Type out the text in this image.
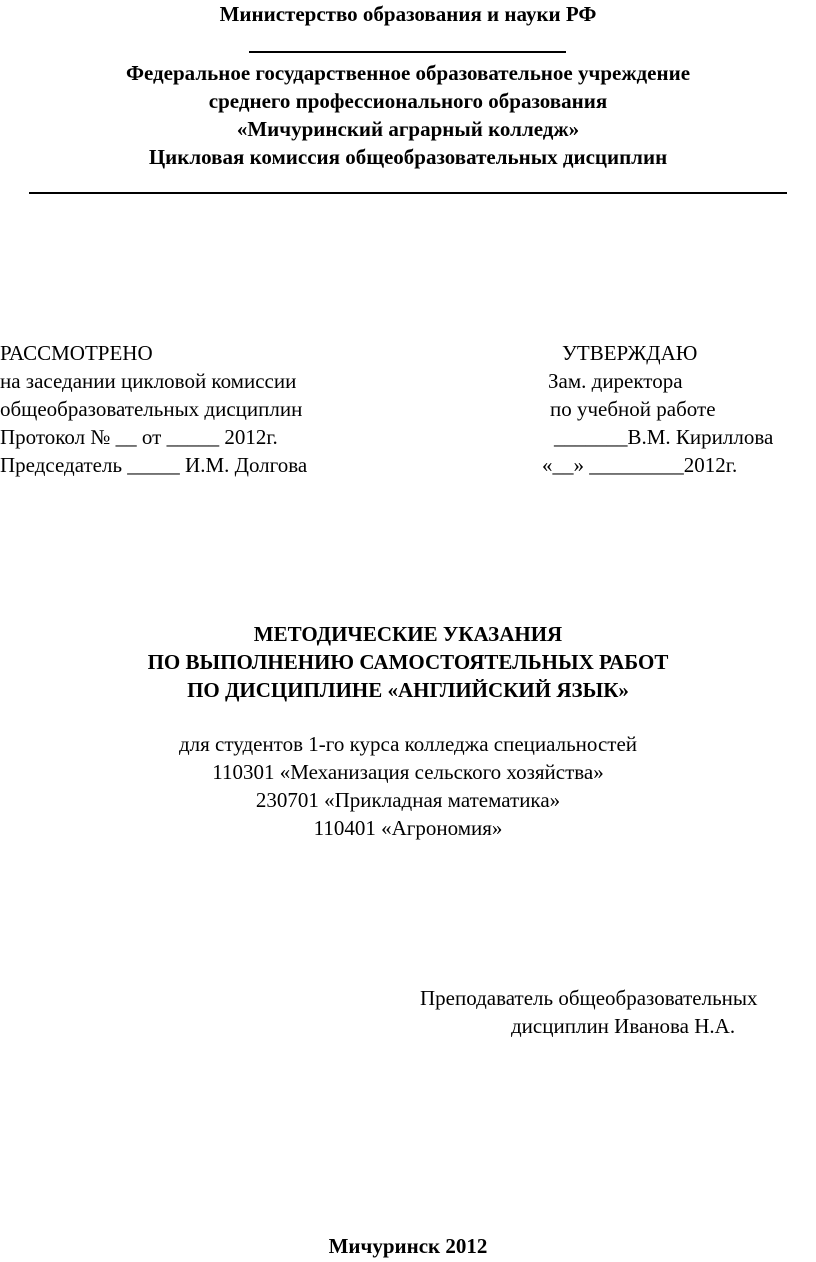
Министерство образования и науки РФ
Федеральное государственное образовательное учреждение
среднего профессионального образования
«Мичуринский аграрный колледж»
Цикловая комиссия общеобразовательных дисциплин
РАССМОТРЕНО
на заседании цикловой комиссии
общеобразовательных дисциплин
Протокол № __ от _____ 2012г.
Председатель _____ И.М. Долгова
УТВЕРЖДАЮ
Зам. директора
по учебной работе
_______В.М. Кириллова
«__» _________2012г.
МЕТОДИЧЕСКИЕ УКАЗАНИЯ
ПО ВЫПОЛНЕНИЮ САМОСТОЯТЕЛЬНЫХ РАБОТ
ПО ДИСЦИПЛИНЕ «АНГЛИЙСКИЙ ЯЗЫК»
для студентов 1-го курса колледжа специальностей
110301 «Механизация сельского хозяйства»
230701 «Прикладная математика»
110401 «Агрономия»
Преподаватель общеобразовательных
дисциплин Иванова Н.А.
Мичуринск 2012
